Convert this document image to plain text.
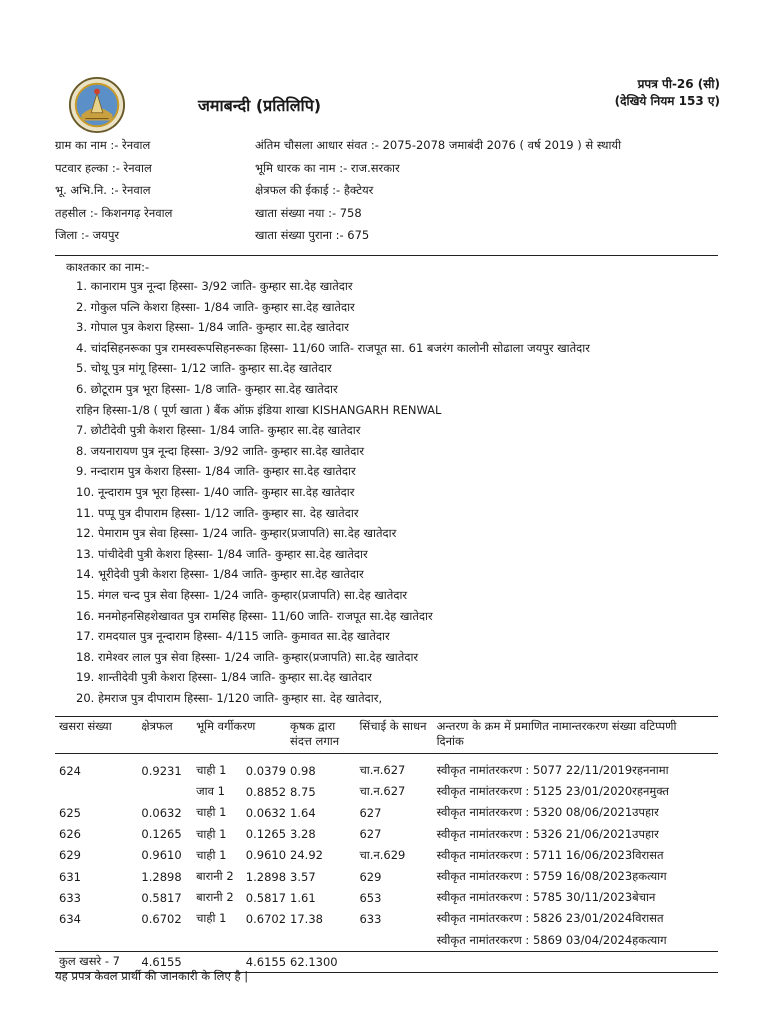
जमाबन्दी (प्रतिलिपि)
प्रपत्र पी-26 (सी)
(देखिये नियम 153 ए)
ग्राम का नाम :- रेनवाल
पटवार हल्का :- रेनवाल
भू. अभि.नि. :- रेनवाल
तहसील :- किशनगढ़ रेनवाल
जिला :- जयपुर
अंतिम चौसला आधार संवत :- 2075-2078 जमाबंदी 2076 ( वर्ष 2019 ) से स्थायी
भूमि धारक का नाम :- राज.सरकार
क्षेत्रफल की ईकाई :- हैक्टेयर
खाता संख्या नया :- 758
खाता संख्या पुराना :- 675
काश्तकार का नाम:-
1. कानाराम पुत्र नून्दा हिस्सा- 3/92 जाति- कुम्हार सा.देह खातेदार
2. गोकुल पत्नि केशरा हिस्सा- 1/84 जाति- कुम्हार सा.देह खातेदार
3. गोपाल पुत्र केशरा हिस्सा- 1/84 जाति- कुम्हार सा.देह खातेदार
4. चांदसिहनरूका पुत्र रामस्वरूपसिहनरूका हिस्सा- 11/60 जाति- राजपूत सा. 61 बजरंग कालोनी सोढाला जयपुर खातेदार
5. चोथू पुत्र मांगू हिस्सा- 1/12 जाति- कुम्हार सा.देह खातेदार
6. छोटूराम पुत्र भूरा हिस्सा- 1/8 जाति- कुम्हार सा.देह खातेदार
राहिन हिस्सा-1/8 ( पूर्ण खाता ) बैंक ऑफ़ इंडिया शाखा KISHANGARH RENWAL
7. छोटीदेवी पुत्री केशरा हिस्सा- 1/84 जाति- कुम्हार सा.देह खातेदार
8. जयनारायण पुत्र नून्दा हिस्सा- 3/92 जाति- कुम्हार सा.देह खातेदार
9. नन्दाराम पुत्र केशरा हिस्सा- 1/84 जाति- कुम्हार सा.देह खातेदार
10. नून्दाराम पुत्र भूरा हिस्सा- 1/40 जाति- कुम्हार सा.देह खातेदार
11. पप्पू पुत्र दीपाराम हिस्सा- 1/12 जाति- कुम्हार सा. देह खातेदार
12. पेमाराम पुत्र सेवा हिस्सा- 1/24 जाति- कुम्हार(प्रजापति) सा.देह खातेदार
13. पांचीदेवी पुत्री केशरा हिस्सा- 1/84 जाति- कुम्हार सा.देह खातेदार
14. भूरीदेवी पुत्री केशरा हिस्सा- 1/84 जाति- कुम्हार सा.देह खातेदार
15. मंगल चन्द पुत्र सेवा हिस्सा- 1/24 जाति- कुम्हार(प्रजापति) सा.देह खातेदार
16. मनमोहनसिहशेखावत पुत्र रामसिह हिस्सा- 11/60 जाति- राजपूत सा.देह खातेदार
17. रामदयाल पुत्र नून्दाराम हिस्सा- 4/115 जाति- कुमावत सा.देह खातेदार
18. रामेश्वर लाल पुत्र सेवा हिस्सा- 1/24 जाति- कुम्हार(प्रजापति) सा.देह खातेदार
19. शान्तीदेवी पुत्री केशरा हिस्सा- 1/84 जाति- कुम्हार सा.देह खातेदार
20. हेमराज पुत्र दीपाराम हिस्सा- 1/120 जाति- कुम्हार सा. देह खातेदार,
खसरा संख्या	क्षेत्रफल	भूमि वर्गीकरण		कृषक द्वारा संदत्त लगान	सिंचाई के साधन	अन्तरण के क्रम में प्रमाणित नामान्तरकरण संख्या व दिनांक	टिप्पणी
624	0.9231	चाही 1	0.0379	0.98	चा.न.627	स्वीकृत नामांतरकरण : 5077 22/11/2019रहननामा	
		जाव 1	0.8852	8.75	चा.न.627	स्वीकृत नामांतरकरण : 5125 23/01/2020रहनमुक्त	
625	0.0632	चाही 1	0.0632	1.64	627	स्वीकृत नामांतरकरण : 5320 08/06/2021उपहार	
626	0.1265	चाही 1	0.1265	3.28	627	स्वीकृत नामांतरकरण : 5326 21/06/2021उपहार	
629	0.9610	चाही 1	0.9610	24.92	चा.न.629	स्वीकृत नामांतरकरण : 5711 16/06/2023विरासत	
631	1.2898	बारानी 2	1.2898	3.57	629	स्वीकृत नामांतरकरण : 5759 16/08/2023हकत्याग	
633	0.5817	बारानी 2	0.5817	1.61	653	स्वीकृत नामांतरकरण : 5785 30/11/2023बेचान	
634	0.6702	चाही 1	0.6702	17.38	633	स्वीकृत नामांतरकरण : 5826 23/01/2024विरासत	
						स्वीकृत नामांतरकरण : 5869 03/04/2024हकत्याग	
कुल खसरे - 7	4.6155		4.6155	62.1300			
यह प्रपत्र केवल प्रार्थी की जानकारी के लिए है |
